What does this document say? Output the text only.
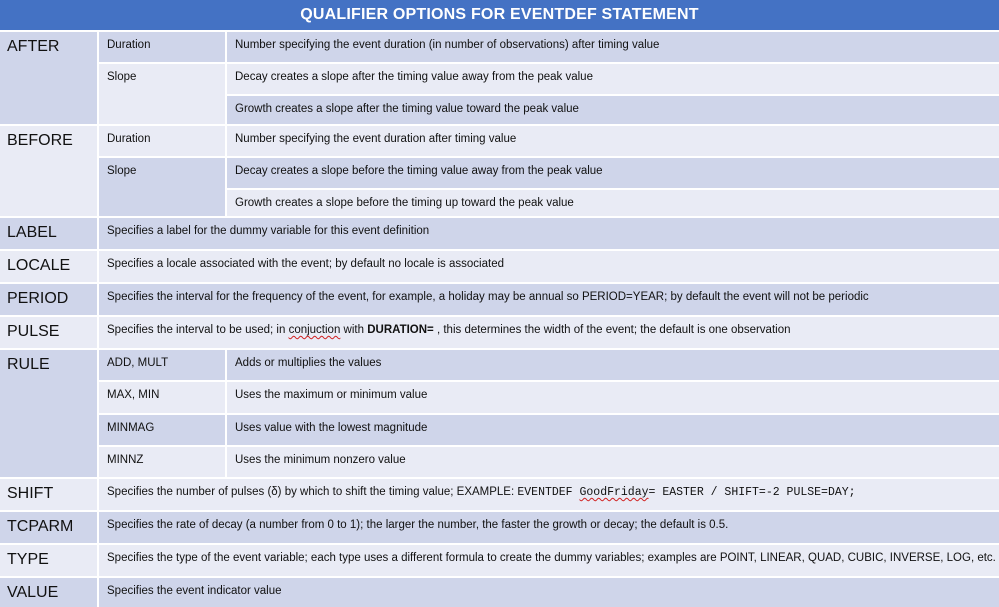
QUALIFIER OPTIONS FOR EVENTDEF STATEMENT
AFTER	Duration	Number specifying the event duration (in number of observations) after timing value
Slope	Decay creates a slope after the timing value away from the peak value
Growth creates a slope after the timing value toward the peak value
BEFORE	Duration	Number specifying the event duration after timing value
Slope	Decay creates a slope before the timing value away from the peak value
Growth creates a slope before the timing up toward the peak value
LABEL	Specifies a label for the dummy variable for this event definition
LOCALE	Specifies a locale associated with the event; by default no locale is associated
PERIOD	Specifies the interval for the frequency of the event, for example, a holiday may be annual so PERIOD=YEAR; by default the event will not be periodic
PULSE	Specifies the interval to be used; in conjuction with DURATION= , this determines the width of the event; the default is one observation
RULE	ADD, MULT	Adds or multiplies the values
MAX, MIN	Uses the maximum or minimum value
MINMAG	Uses value with the lowest magnitude
MINNZ	Uses the minimum nonzero value
SHIFT	Specifies the number of pulses (δ) by which to shift the timing value; EXAMPLE: EVENTDEF GoodFriday= EASTER / SHIFT=-2 PULSE=DAY;
TCPARM	Specifies the rate of decay (a number from 0 to 1); the larger the number, the faster the growth or decay; the default is 0.5.
TYPE	Specifies the type of the event variable; each type uses a different formula to create the dummy variables; examples are POINT, LINEAR, QUAD, CUBIC, INVERSE, LOG, etc.
VALUE	Specifies the event indicator value
